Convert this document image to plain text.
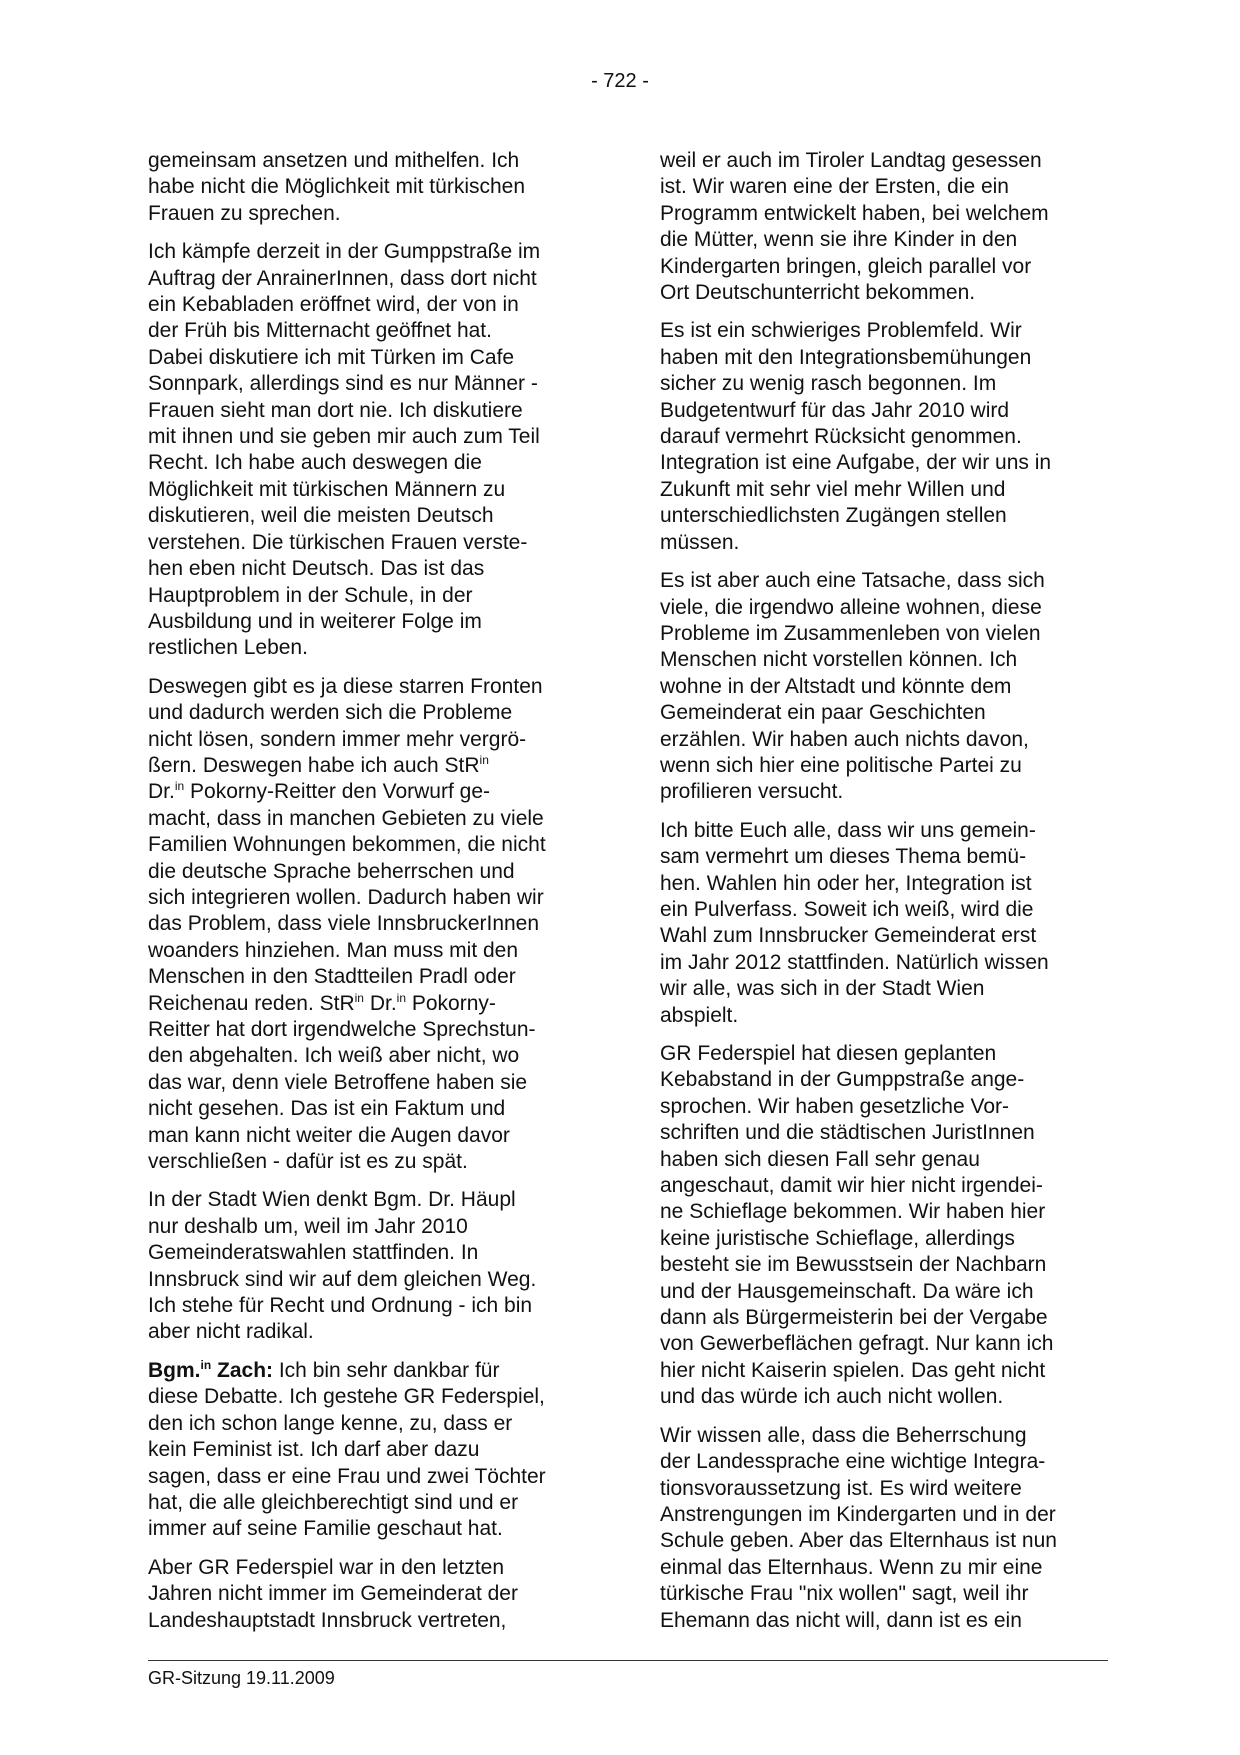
- 722 -

gemeinsam ansetzen und mithelfen. Ich
habe nicht die Möglichkeit mit türkischen
Frauen zu sprechen.

Ich kämpfe derzeit in der Gumppstraße im
Auftrag der AnrainerInnen, dass dort nicht
ein Kebabladen eröffnet wird, der von in
der Früh bis Mitternacht geöffnet hat.
Dabei diskutiere ich mit Türken im Cafe
Sonnpark, allerdings sind es nur Männer -
Frauen sieht man dort nie. Ich diskutiere
mit ihnen und sie geben mir auch zum Teil
Recht. Ich habe auch deswegen die
Möglichkeit mit türkischen Männern zu
diskutieren, weil die meisten Deutsch
verstehen. Die türkischen Frauen verste-
hen eben nicht Deutsch. Das ist das
Hauptproblem in der Schule, in der
Ausbildung und in weiterer Folge im
restlichen Leben.

Deswegen gibt es ja diese starren Fronten
und dadurch werden sich die Probleme
nicht lösen, sondern immer mehr vergrö-
ßern. Deswegen habe ich auch StR$^{in}$
Dr.$^{in}$ Pokorny-Reitter den Vorwurf ge-
macht, dass in manchen Gebieten zu viele
Familien Wohnungen bekommen, die nicht
die deutsche Sprache beherrschen und
sich integrieren wollen. Dadurch haben wir
das Problem, dass viele InnsbruckerInnen
woanders hinziehen. Man muss mit den
Menschen in den Stadtteilen Pradl oder
Reichenau reden. StR$^{in}$ Dr.$^{in}$ Pokorny-
Reitter hat dort irgendwelche Sprechstun-
den abgehalten. Ich weiß aber nicht, wo
das war, denn viele Betroffene haben sie
nicht gesehen. Das ist ein Faktum und
man kann nicht weiter die Augen davor
verschließen - dafür ist es zu spät.

In der Stadt Wien denkt Bgm. Dr. Häupl
nur deshalb um, weil im Jahr 2010
Gemeinderatswahlen stattfinden. In
Innsbruck sind wir auf dem gleichen Weg.
Ich stehe für Recht und Ordnung - ich bin
aber nicht radikal.

Bgm.$^{in}$ Zach: Ich bin sehr dankbar für
diese Debatte. Ich gestehe GR Federspiel,
den ich schon lange kenne, zu, dass er
kein Feminist ist. Ich darf aber dazu
sagen, dass er eine Frau und zwei Töchter
hat, die alle gleichberechtigt sind und er
immer auf seine Familie geschaut hat.

Aber GR Federspiel war in den letzten
Jahren nicht immer im Gemeinderat der
Landeshauptstadt Innsbruck vertreten,

weil er auch im Tiroler Landtag gesessen
ist. Wir waren eine der Ersten, die ein
Programm entwickelt haben, bei welchem
die Mütter, wenn sie ihre Kinder in den
Kindergarten bringen, gleich parallel vor
Ort Deutschunterricht bekommen.

Es ist ein schwieriges Problemfeld. Wir
haben mit den Integrationsbemühungen
sicher zu wenig rasch begonnen. Im
Budgetentwurf für das Jahr 2010 wird
darauf vermehrt Rücksicht genommen.
Integration ist eine Aufgabe, der wir uns in
Zukunft mit sehr viel mehr Willen und
unterschiedlichsten Zugängen stellen
müssen.

Es ist aber auch eine Tatsache, dass sich
viele, die irgendwo alleine wohnen, diese
Probleme im Zusammenleben von vielen
Menschen nicht vorstellen können. Ich
wohne in der Altstadt und könnte dem
Gemeinderat ein paar Geschichten
erzählen. Wir haben auch nichts davon,
wenn sich hier eine politische Partei zu
profilieren versucht.

Ich bitte Euch alle, dass wir uns gemein-
sam vermehrt um dieses Thema bemü-
hen. Wahlen hin oder her, Integration ist
ein Pulverfass. Soweit ich weiß, wird die
Wahl zum Innsbrucker Gemeinderat erst
im Jahr 2012 stattfinden. Natürlich wissen
wir alle, was sich in der Stadt Wien
abspielt.

GR Federspiel hat diesen geplanten
Kebabstand in der Gumppstraße ange-
sprochen. Wir haben gesetzliche Vor-
schriften und die städtischen JuristInnen
haben sich diesen Fall sehr genau
angeschaut, damit wir hier nicht irgendei-
ne Schieflage bekommen. Wir haben hier
keine juristische Schieflage, allerdings
besteht sie im Bewusstsein der Nachbarn
und der Hausgemeinschaft. Da wäre ich
dann als Bürgermeisterin bei der Vergabe
von Gewerbeflächen gefragt. Nur kann ich
hier nicht Kaiserin spielen. Das geht nicht
und das würde ich auch nicht wollen.

Wir wissen alle, dass die Beherrschung
der Landessprache eine wichtige Integra-
tionsvoraussetzung ist. Es wird weitere
Anstrengungen im Kindergarten und in der
Schule geben. Aber das Elternhaus ist nun
einmal das Elternhaus. Wenn zu mir eine
türkische Frau "nix wollen" sagt, weil ihr
Ehemann das nicht will, dann ist es ein

GR-Sitzung 19.11.2009
